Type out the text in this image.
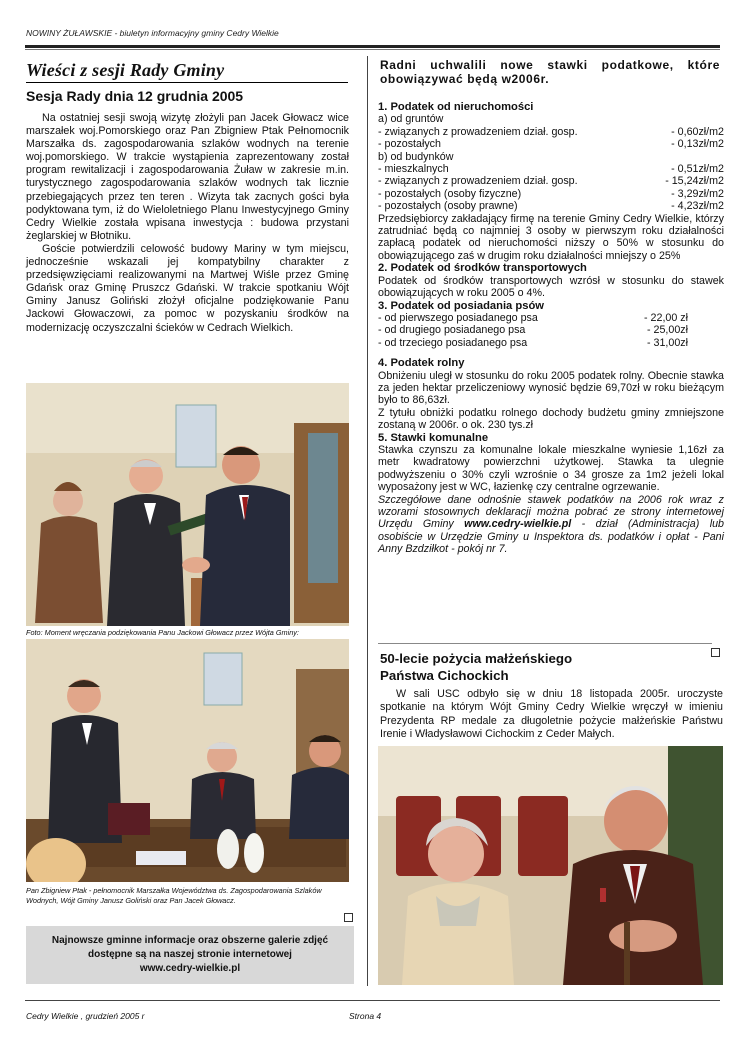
NOWINY ŻUŁAWSKIE - biuletyn informacyjny gminy Cedry Wielkie
Wieści z sesji Rady Gminy
Sesja Rady dnia 12 grudnia 2005

Na ostatniej sesji swoją wizytę złożyli pan Jacek Głowacz wice marszałek woj.Pomorskiego oraz Pan Zbigniew Ptak Pełnomocnik Marszałka ds. zagospodarowania szlaków wodnych na terenie woj.pomorskiego. W trakcie wystąpienia zaprezentowany został program rewitalizacji i zagospodarowania Żuław w zakresie m.in. turystycznego zagospodarowania szlaków wodnych tak licznie przebiegających przez ten teren . Wizyta tak zacnych gości była podyktowana tym, iż do Wieloletniego Planu Inwestycyjnego Gminy Cedry Wielkie została wpisana inwestycja : budowa przystani żeglarskiej w Błotniku.

Goście potwierdzili celowość budowy Mariny w tym miejscu, jednocześnie wskazali jej kompatybilny charakter z przedsięwzięciami realizowanymi na Martwej Wiśle przez Gminę Gdańsk oraz Gminę Pruszcz Gdański. W trakcie spotkaniu Wójt Gminy Janusz Goliński złożył oficjalne podziękowanie Panu Jackowi Głowaczowi, za pomoc w pozyskaniu środków na modernizację oczyszczalni ścieków w Cedrach Wielkich.

Foto: Moment wręczania podziękowania Panu Jackowi Głowacz przez Wójta Gminy:
Pan Zbigniew Ptak - pełnomocnik Marszałka Województwa ds. Zagospodarowania Szlaków Wodnych, Wójt Gminy Janusz Goliński oraz Pan Jacek Głowacz.
Najnowsze gminne informacje oraz obszerne galerie zdjęć
dostępne są na naszej stronie internetowej
www.cedry-wielkie.pl
Radni uchwalili nowe stawki podatkowe, które obowiązywać będą w2006r.
1. Podatek od nieruchomości
a) od gruntów
- związanych z prowadzeniem dział. gosp.	- 0,60zł/m2
- pozostałych	- 0,13zł/m2
b) od budynków
- mieszkalnych	- 0,51zł/m2
- związanych z prowadzeniem dział. gosp.	- 15,24zł/m2
- pozostałych (osoby fizyczne)	- 3,29zł/m2
- pozostałych (osoby prawne)	- 4,23zł/m2
Przedsiębiorcy zakładający firmę na terenie Gminy Cedry Wielkie, którzy zatrudniać będą co najmniej 3 osoby w pierwszym roku działalności zapłacą podatek od nieruchomości niższy o 50% w stosunku do obowiązującego zaś w drugim roku działalności mniejszy o 25%
2. Podatek od środków transportowych
Podatek od środków transportowych wzrósł w stosunku do stawek obowiązujących w roku 2005 o 4%.
3. Podatek od posiadania psów
- od pierwszego posiadanego psa	- 22,00 zł
- od drugiego posiadanego psa	- 25,00zł
- od trzeciego posiadanego psa	- 31,00zł
4. Podatek rolny
Obniżeniu uległ w stosunku do roku 2005 podatek rolny. Obecnie stawka za jeden hektar przeliczeniowy wynosić będzie 69,70zł w roku bieżącym było to 86,63zł.
Z tytułu obniżki podatku rolnego dochody budżetu gminy zmniejszone zostaną w 2006r. o ok. 230 tys.zł
5. Stawki komunalne
Stawka czynszu za komunalne lokale mieszkalne wyniesie 1,16zł za metr kwadratowy powierzchni użytkowej. Stawka ta ulegnie podwyższeniu o 30% czyli wzrośnie o 34 grosze za 1m2 jeżeli lokal wyposażony jest w WC, łazienkę czy centralne ogrzewanie.
Szczegółowe dane odnośnie stawek podatków na 2006 rok wraz z wzorami stosownych deklaracji można pobrać ze strony internetowej Urzędu Gminy www.cedry-wielkie.pl - dział (Administracja) lub osobiście w Urzędzie Gminy u Inspektora ds. podatków i opłat - Pani Anny Bzdziłkot - pokój nr 7.
50-lecie pożycia małżeńskiego
Państwa Cichockich

W sali USC odbyło się w dniu 18 listopada 2005r. uroczyste spotkanie na którym Wójt Gminy Cedry Wielkie wręczył w imieniu Prezydenta RP medale za długoletnie pożycie małżeńskie Państwu Irenie i Władysławowi Cichockim z Ceder Małych.

Cedry Wielkie , grudzień 2005 r	Strona 4
